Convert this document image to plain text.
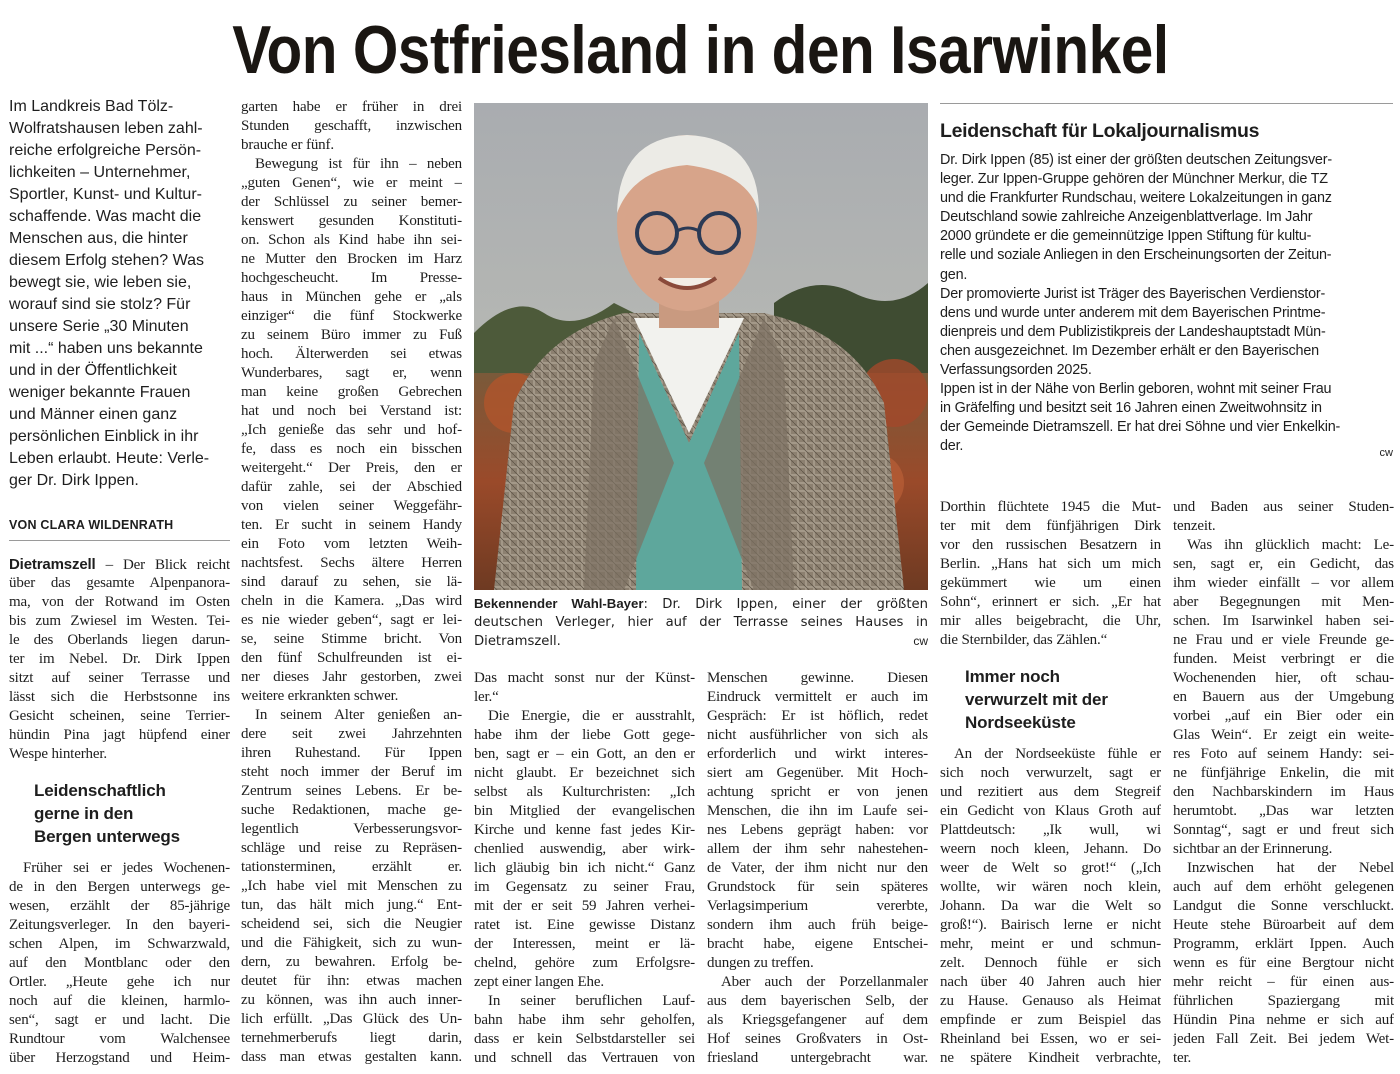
Von Ostfriesland in den Isarwinkel
Im Landkreis Bad Tölz-
Wolfratshausen leben zahl-
reiche erfolgreiche Persön-
lichkeiten – Unternehmer,
Sportler, Kunst- und Kultur-
schaffende. Was macht die
Menschen aus, die hinter
diesem Erfolg stehen? Was
bewegt sie, wie leben sie,
worauf sind sie stolz? Für
unsere Serie „30 Minuten
mit ...“ haben uns bekannte
und in der Öffentlichkeit
weniger bekannte Frauen
und Männer einen ganz
persönlichen Einblick in ihr
Leben erlaubt. Heute: Verle-
ger Dr. Dirk Ippen.
VON CLARA WILDENRATH
Dietramszell – Der Blick reicht
über das gesamte Alpenpanora-
ma, von der Rotwand im Osten
bis zum Zwiesel im Westen. Tei-
le des Oberlands liegen darun-
ter im Nebel. Dr. Dirk Ippen
sitzt auf seiner Terrasse und
lässt sich die Herbstsonne ins
Gesicht scheinen, seine Terrier-
hündin Pina jagt hüpfend einer
Wespe hinterher.
Leidenschaftlich
gerne in den
Bergen unterwegs
Früher sei er jedes Wochenen-
de in den Bergen unterwegs ge-
wesen, erzählt der 85-jährige
Zeitungsverleger. In den bayeri-
schen Alpen, im Schwarzwald,
auf den Montblanc oder den
Ortler. „Heute gehe ich nur
noch auf die kleinen, harmlo-
sen“, sagt er und lacht. Die
Rundtour vom Walchensee
über Herzogstand und Heim-
garten habe er früher in drei
Stunden geschafft, inzwischen
brauche er fünf.
Bewegung ist für ihn – neben
„guten Genen“, wie er meint –
der Schlüssel zu seiner bemer-
kenswert gesunden Konstituti-
on. Schon als Kind habe ihn sei-
ne Mutter den Brocken im Harz
hochgescheucht. Im Presse-
haus in München gehe er „als
einziger“ die fünf Stockwerke
zu seinem Büro immer zu Fuß
hoch. Älterwerden sei etwas
Wunderbares, sagt er, wenn
man keine großen Gebrechen
hat und noch bei Verstand ist:
„Ich genieße das sehr und hof-
fe, dass es noch ein bisschen
weitergeht.“ Der Preis, den er
dafür zahle, sei der Abschied
von vielen seiner Weggefähr-
ten. Er sucht in seinem Handy
ein Foto vom letzten Weih-
nachtsfest. Sechs ältere Herren
sind darauf zu sehen, sie lä-
cheln in die Kamera. „Das wird
es nie wieder geben“, sagt er lei-
se, seine Stimme bricht. Von
den fünf Schulfreunden ist ei-
ner dieses Jahr gestorben, zwei
weitere erkrankten schwer.
In seinem Alter genießen an-
dere seit zwei Jahrzehnten
ihren Ruhestand. Für Ippen
steht noch immer der Beruf im
Zentrum seines Lebens. Er be-
suche Redaktionen, mache ge-
legentlich Verbesserungsvor-
schläge und reise zu Repräsen-
tationsterminen, erzählt er.
„Ich habe viel mit Menschen zu
tun, das hält mich jung.“ Ent-
scheidend sei, sich die Neugier
und die Fähigkeit, sich zu wun-
dern, zu bewahren. Erfolg be-
deutet für ihn: etwas machen
zu können, was ihn auch inner-
lich erfüllt. „Das Glück des Un-
ternehmerberufs liegt darin,
dass man etwas gestalten kann.
Das macht sonst nur der Künst-
ler.“
Die Energie, die er ausstrahlt,
habe ihm der liebe Gott gege-
ben, sagt er – ein Gott, an den er
nicht glaubt. Er bezeichnet sich
selbst als Kulturchristen: „Ich
bin Mitglied der evangelischen
Kirche und kenne fast jedes Kir-
chenlied auswendig, aber wirk-
lich gläubig bin ich nicht.“ Ganz
im Gegensatz zu seiner Frau,
mit der er seit 59 Jahren verhei-
ratet ist. Eine gewisse Distanz
der Interessen, meint er lä-
chelnd, gehöre zum Erfolgsre-
zept einer langen Ehe.
In seiner beruflichen Lauf-
bahn habe ihm sehr geholfen,
dass er kein Selbstdarsteller sei
und schnell das Vertrauen von
Menschen gewinne. Diesen
Eindruck vermittelt er auch im
Gespräch: Er ist höflich, redet
nicht ausführlicher von sich als
erforderlich und wirkt interes-
siert am Gegenüber. Mit Hoch-
achtung spricht er von jenen
Menschen, die ihn im Laufe sei-
nes Lebens geprägt haben: vor
allem der ihm sehr nahestehen-
de Vater, der ihm nicht nur den
Grundstock für sein späteres
Verlagsimperium vererbte,
sondern ihm auch früh beige-
bracht habe, eigene Entschei-
dungen zu treffen.
Aber auch der Porzellanmaler
aus dem bayerischen Selb, der
als Kriegsgefangener auf dem
Hof seines Großvaters in Ost-
friesland untergebracht war.
Dorthin flüchtete 1945 die Mut-
ter mit dem fünfjährigen Dirk
vor den russischen Besatzern in
Berlin. „Hans hat sich um mich
gekümmert wie um einen
Sohn“, erinnert er sich. „Er hat
mir alles beigebracht, die Uhr,
die Sternbilder, das Zählen.“
Immer noch
verwurzelt mit der
Nordseeküste
An der Nordseeküste fühle er
sich noch verwurzelt, sagt er
und rezitiert aus dem Stegreif
ein Gedicht von Klaus Groth auf
Plattdeutsch: „Ik wull, wi
weern noch kleen, Jehann. Do
weer de Welt so grot!“ („Ich
wollte, wir wären noch klein,
Johann. Da war die Welt so
groß!“). Bairisch lerne er nicht
mehr, meint er und schmun-
zelt. Dennoch fühle er sich
nach über 40 Jahren auch hier
zu Hause. Genauso als Heimat
empfinde er zum Beispiel das
Rheinland bei Essen, wo er sei-
ne spätere Kindheit verbrachte,
und Baden aus seiner Studen-
tenzeit.
Was ihn glücklich macht: Le-
sen, sagt er, ein Gedicht, das
ihm wieder einfällt – vor allem
aber Begegnungen mit Men-
schen. Im Isarwinkel haben sei-
ne Frau und er viele Freunde ge-
funden. Meist verbringt er die
Wochenenden hier, oft schau-
en Bauern aus der Umgebung
vorbei „auf ein Bier oder ein
Glas Wein“. Er zeigt ein weite-
res Foto auf seinem Handy: sei-
ne fünfjährige Enkelin, die mit
den Nachbarskindern im Haus
herumtobt. „Das war letzten
Sonntag“, sagt er und freut sich
sichtbar an der Erinnerung.
Inzwischen hat der Nebel
auch auf dem erhöht gelegenen
Landgut die Sonne verschluckt.
Heute stehe Büroarbeit auf dem
Programm, erklärt Ippen. Auch
wenn es für eine Bergtour nicht
mehr reicht – für einen aus-
führlichen Spaziergang mit
Hündin Pina nehme er sich auf
jeden Fall Zeit. Bei jedem Wet-
ter.
Bekennender Wahl-Bayer: Dr. Dirk Ippen, einer der größten
deutschen Verleger, hier auf der Terrasse seines Hauses in
Dietramszell.	cw
Leidenschaft für Lokaljournalismus
Dr. Dirk Ippen (85) ist einer der größten deutschen Zeitungsver-
leger. Zur Ippen-Gruppe gehören der Münchner Merkur, die TZ
und die Frankfurter Rundschau, weitere Lokalzeitungen in ganz
Deutschland sowie zahlreiche Anzeigenblattverlage. Im Jahr
2000 gründete er die gemeinnützige Ippen Stiftung für kultu-
relle und soziale Anliegen in den Erscheinungsorten der Zeitun-
gen.
Der promovierte Jurist ist Träger des Bayerischen Verdienstor-
dens und wurde unter anderem mit dem Bayerischen Printme-
dienpreis und dem Publizistikpreis der Landeshauptstadt Mün-
chen ausgezeichnet. Im Dezember erhält er den Bayerischen
Verfassungsorden 2025.
Ippen ist in der Nähe von Berlin geboren, wohnt mit seiner Frau
in Gräfelfing und besitzt seit 16 Jahren einen Zweitwohnsitz in
der Gemeinde Dietramszell. Er hat drei Söhne und vier Enkelkin-
der.	cw
